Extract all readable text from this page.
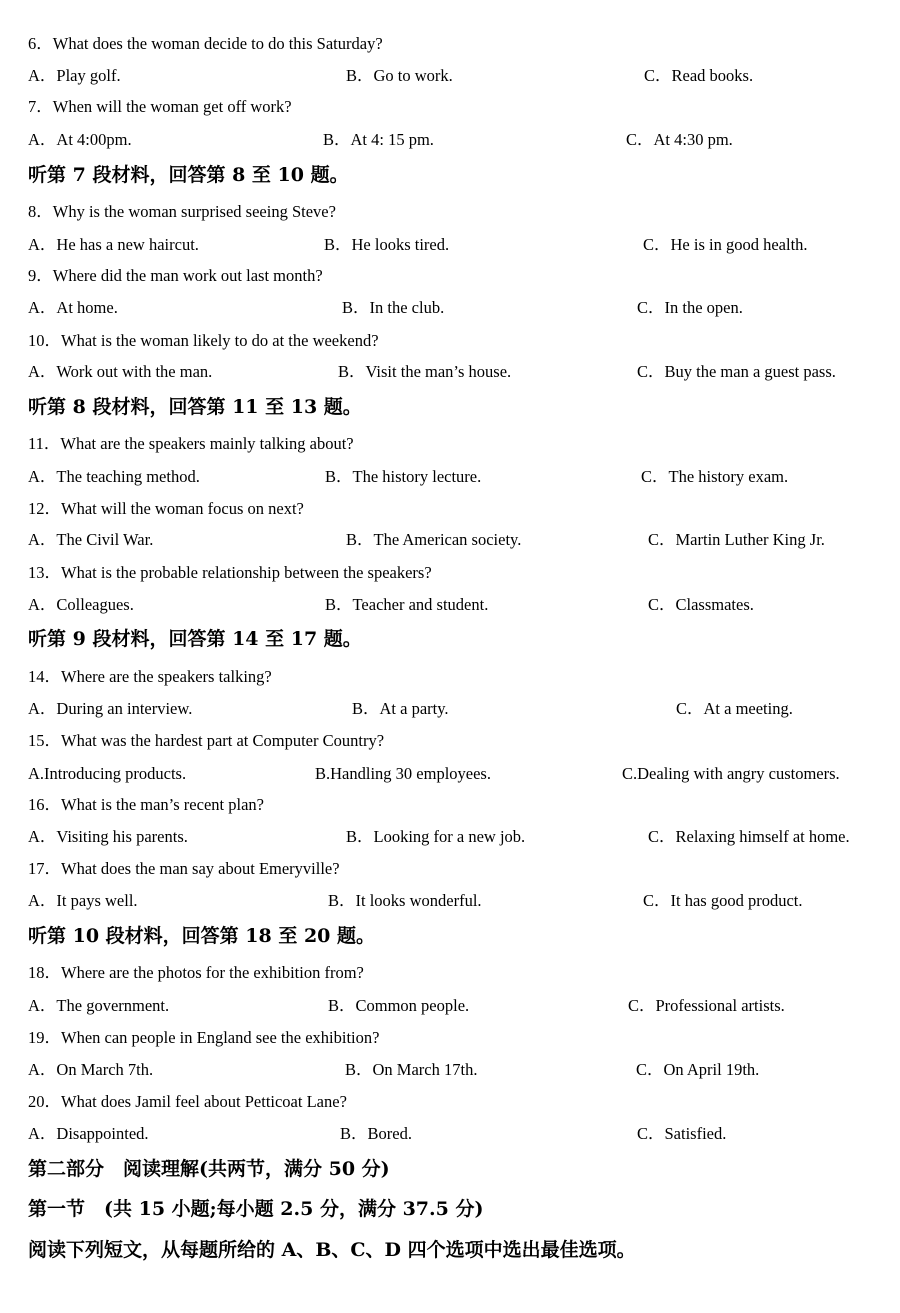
6．What does the woman decide to do this Saturday?
A．Play golf.	B．Go to work.	C．Read books.
7．When will the woman get off work?
A．At 4:00pm.	B．At 4: 15 pm.	C．At 4:30 pm.
听第 7 段材料，回答第 8 至 10 题。
8．Why is the woman surprised seeing Steve?
A．He has a new haircut.	B．He looks tired.	C．He is in good health.
9．Where did the man work out last month?
A．At home.	B．In the club.	C．In the open.
10．What is the woman likely to do at the weekend?
A．Work out with the man.	B．Visit the man’s house.	C．Buy the man a guest pass.
听第 8 段材料，回答第 11 至 13 题。
11．What are the speakers mainly talking about?
A．The teaching method.	B．The history lecture.	C．The history exam.
12．What will the woman focus on next?
A．The Civil War.	B．The American society.	C．Martin Luther King Jr.
13．What is the probable relationship between the speakers?
A．Colleagues.	B．Teacher and student.	C．Classmates.
听第 9 段材料，回答第 14 至 17 题。
14．Where are the speakers talking?
A．During an interview.	B．At a party.	C．At a meeting.
15．What was the hardest part at Computer Country?
A.Introducing products.	B.Handling 30 employees.	C.Dealing with angry customers.
16．What is the man’s recent plan?
A．Visiting his parents.	B．Looking for a new job.	C．Relaxing himself at home.
17．What does the man say about Emeryville?
A．It pays well.	B．It looks wonderful.	C．It has good product.
听第 10 段材料，回答第 18 至 20 题。
18．Where are the photos for the exhibition from?
A．The government.	B．Common people.	C．Professional artists.
19．When can people in England see the exhibition?
A．On March 7th.	B．On March 17th.	C．On April 19th.
20．What does Jamil feel about Petticoat Lane?
A．Disappointed.	B．Bored.	C．Satisfied.
第二部分　阅读理解(共两节，满分 50 分)
第一节　(共 15 小题;每小题 2.5 分，满分 37.5 分)
阅读下列短文，从每题所给的 A、B、C、D 四个选项中选出最佳选项。
